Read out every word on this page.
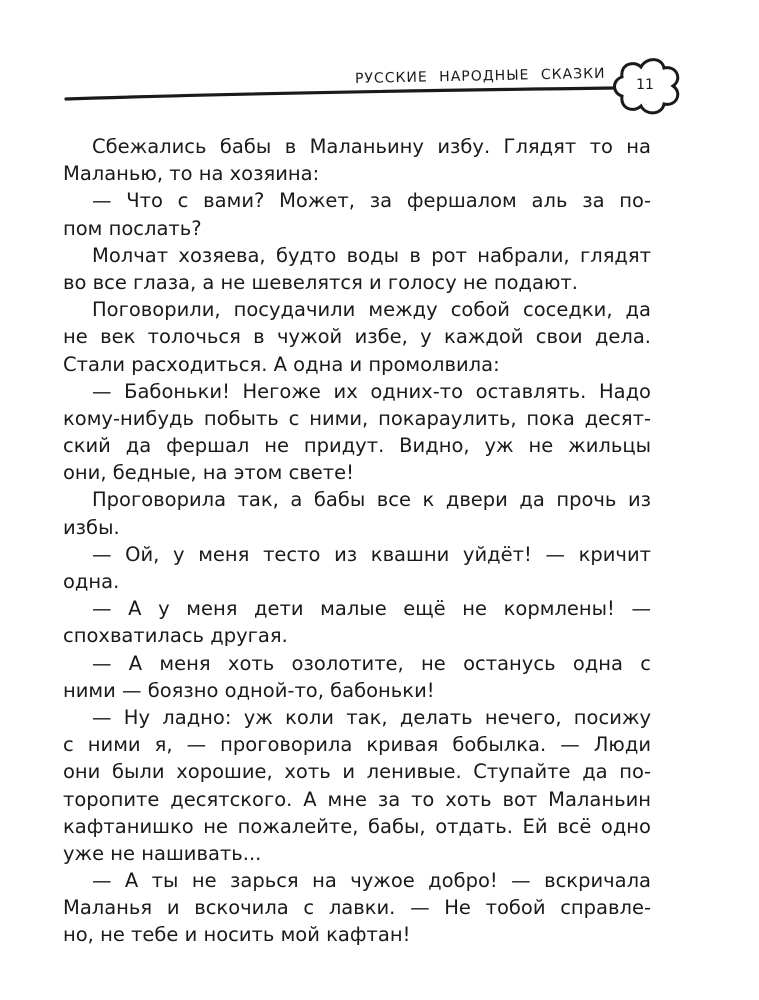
РУССКИЕ НАРОДНЫЕ СКАЗКИ	11
Сбежались бабы в Маланьину избу. Глядят то на
Маланью, то на хозяина:
— Что с вами? Может, за фершалом аль за по-
пом послать?
Молчат хозяева, будто воды в рот набрали, глядят
во все глаза, а не шевелятся и голосу не подают.
Поговорили, посудачили между собой соседки, да
не век толочься в чужой избе, у каждой свои дела.
Стали расходиться. А одна и промолвила:
— Бабоньки! Негоже их одних-то оставлять. Надо
кому-нибудь побыть с ними, покараулить, пока десят-
ский да фершал не придут. Видно, уж не жильцы
они, бедные, на этом свете!
Проговорила так, а бабы все к двери да прочь из
избы.
— Ой, у меня тесто из квашни уйдёт! — кричит
одна.
— А у меня дети малые ещё не кормлены! —
спохватилась другая.
— А меня хоть озолотите, не останусь одна с
ними — боязно одной-то, бабоньки!
— Ну ладно: уж коли так, делать нечего, посижу
с ними я, — проговорила кривая бобылка. — Люди
они были хорошие, хоть и ленивые. Ступайте да по-
торопите десятского. А мне за то хоть вот Маланьин
кафтанишко не пожалейте, бабы, отдать. Ей всё одно
уже не нашивать...
— А ты не зарься на чужое добро! — вскричала
Маланья и вскочила с лавки. — Не тобой справле-
но, не тебе и носить мой кафтан!
